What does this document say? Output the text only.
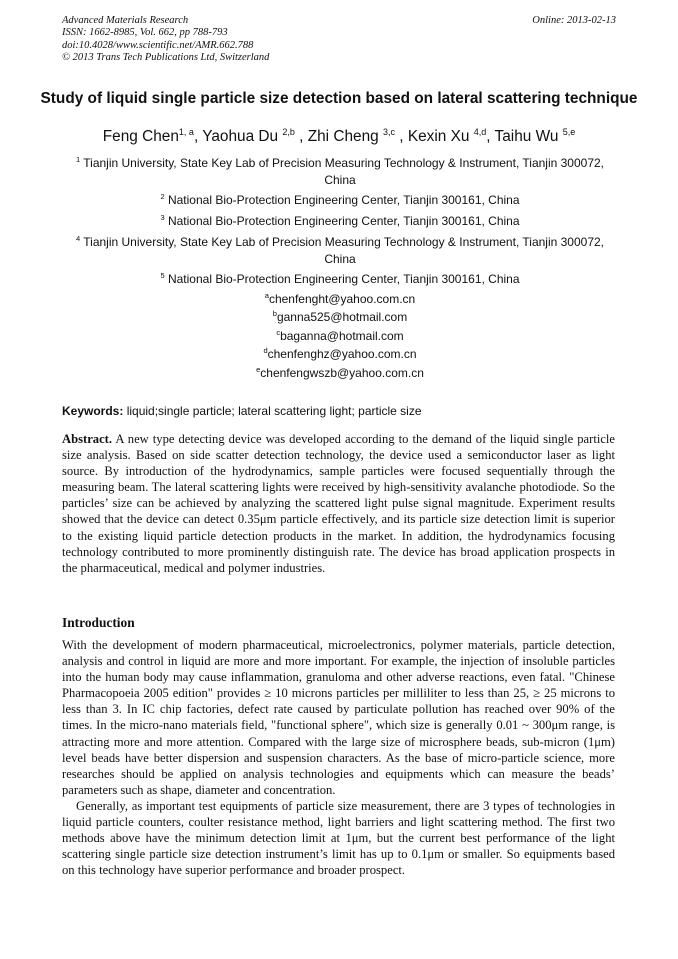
Advanced Materials Research
ISSN: 1662-8985, Vol. 662, pp 788-793
doi:10.4028/www.scientific.net/AMR.662.788
© 2013 Trans Tech Publications Ltd, Switzerland
Online: 2013-02-13
Study of liquid single particle size detection based on lateral scattering technique
Feng Chen$^{1, a}$, Yaohua Du $^{2,b}$ , Zhi Cheng $^{3,c}$ , Kexin Xu $^{4,d}$, Taihu Wu $^{5,e}$
$^1$ Tianjin University, State Key Lab of Precision Measuring Technology & Instrument, Tianjin 300072, China
$^2$ National Bio-Protection Engineering Center, Tianjin 300161, China
$^3$ National Bio-Protection Engineering Center, Tianjin 300161, China
$^4$ Tianjin University, State Key Lab of Precision Measuring Technology & Instrument, Tianjin 300072, China
$^5$ National Bio-Protection Engineering Center, Tianjin 300161, China
$^a$chenfenght@yahoo.com.cn
$^b$ganna525@hotmail.com
$^c$baganna@hotmail.com
$^d$chenfenghz@yahoo.com.cn
$^e$chenfengwszb@yahoo.com.cn
Keywords: liquid;single particle; lateral scattering light; particle size
Abstract. A new type detecting device was developed according to the demand of the liquid single particle size analysis. Based on side scatter detection technology, the device used a semiconductor laser as light source. By introduction of the hydrodynamics, sample particles were focused sequentially through the measuring beam. The lateral scattering lights were received by high-sensitivity avalanche photodiode. So the particles’ size can be achieved by analyzing the scattered light pulse signal magnitude. Experiment results showed that the device can detect 0.35μm particle effectively, and its particle size detection limit is superior to the existing liquid particle detection products in the market. In addition, the hydrodynamics focusing technology contributed to more prominently distinguish rate. The device has broad application prospects in the pharmaceutical, medical and polymer industries.
Introduction

With the development of modern pharmaceutical, microelectronics, polymer materials, particle detection, analysis and control in liquid are more and more important. For example, the injection of insoluble particles into the human body may cause inflammation, granuloma and other adverse reactions, even fatal. "Chinese Pharmacopoeia 2005 edition" provides ≥ 10 microns particles per milliliter to less than 25, ≥ 25 microns to less than 3. In IC chip factories, defect rate caused by particulate pollution has reached over 90% of the times. In the micro-nano materials field, "functional sphere", which size is generally 0.01 ~ 300μm range, is attracting more and more attention. Compared with the large size of microsphere beads, sub-micron (1μm) level beads have better dispersion and suspension characters. As the base of micro-particle science, more researches should be applied on analysis technologies and equipments which can measure the beads’ parameters such as shape, diameter and concentration.

Generally, as important test equipments of particle size measurement, there are 3 types of technologies in liquid particle counters, coulter resistance method, light barriers and light scattering method. The first two methods above have the minimum detection limit at 1μm, but the current best performance of the light scattering single particle size detection instrument’s limit has up to 0.1μm or smaller. So equipments based on this technology have superior performance and broader prospect.
